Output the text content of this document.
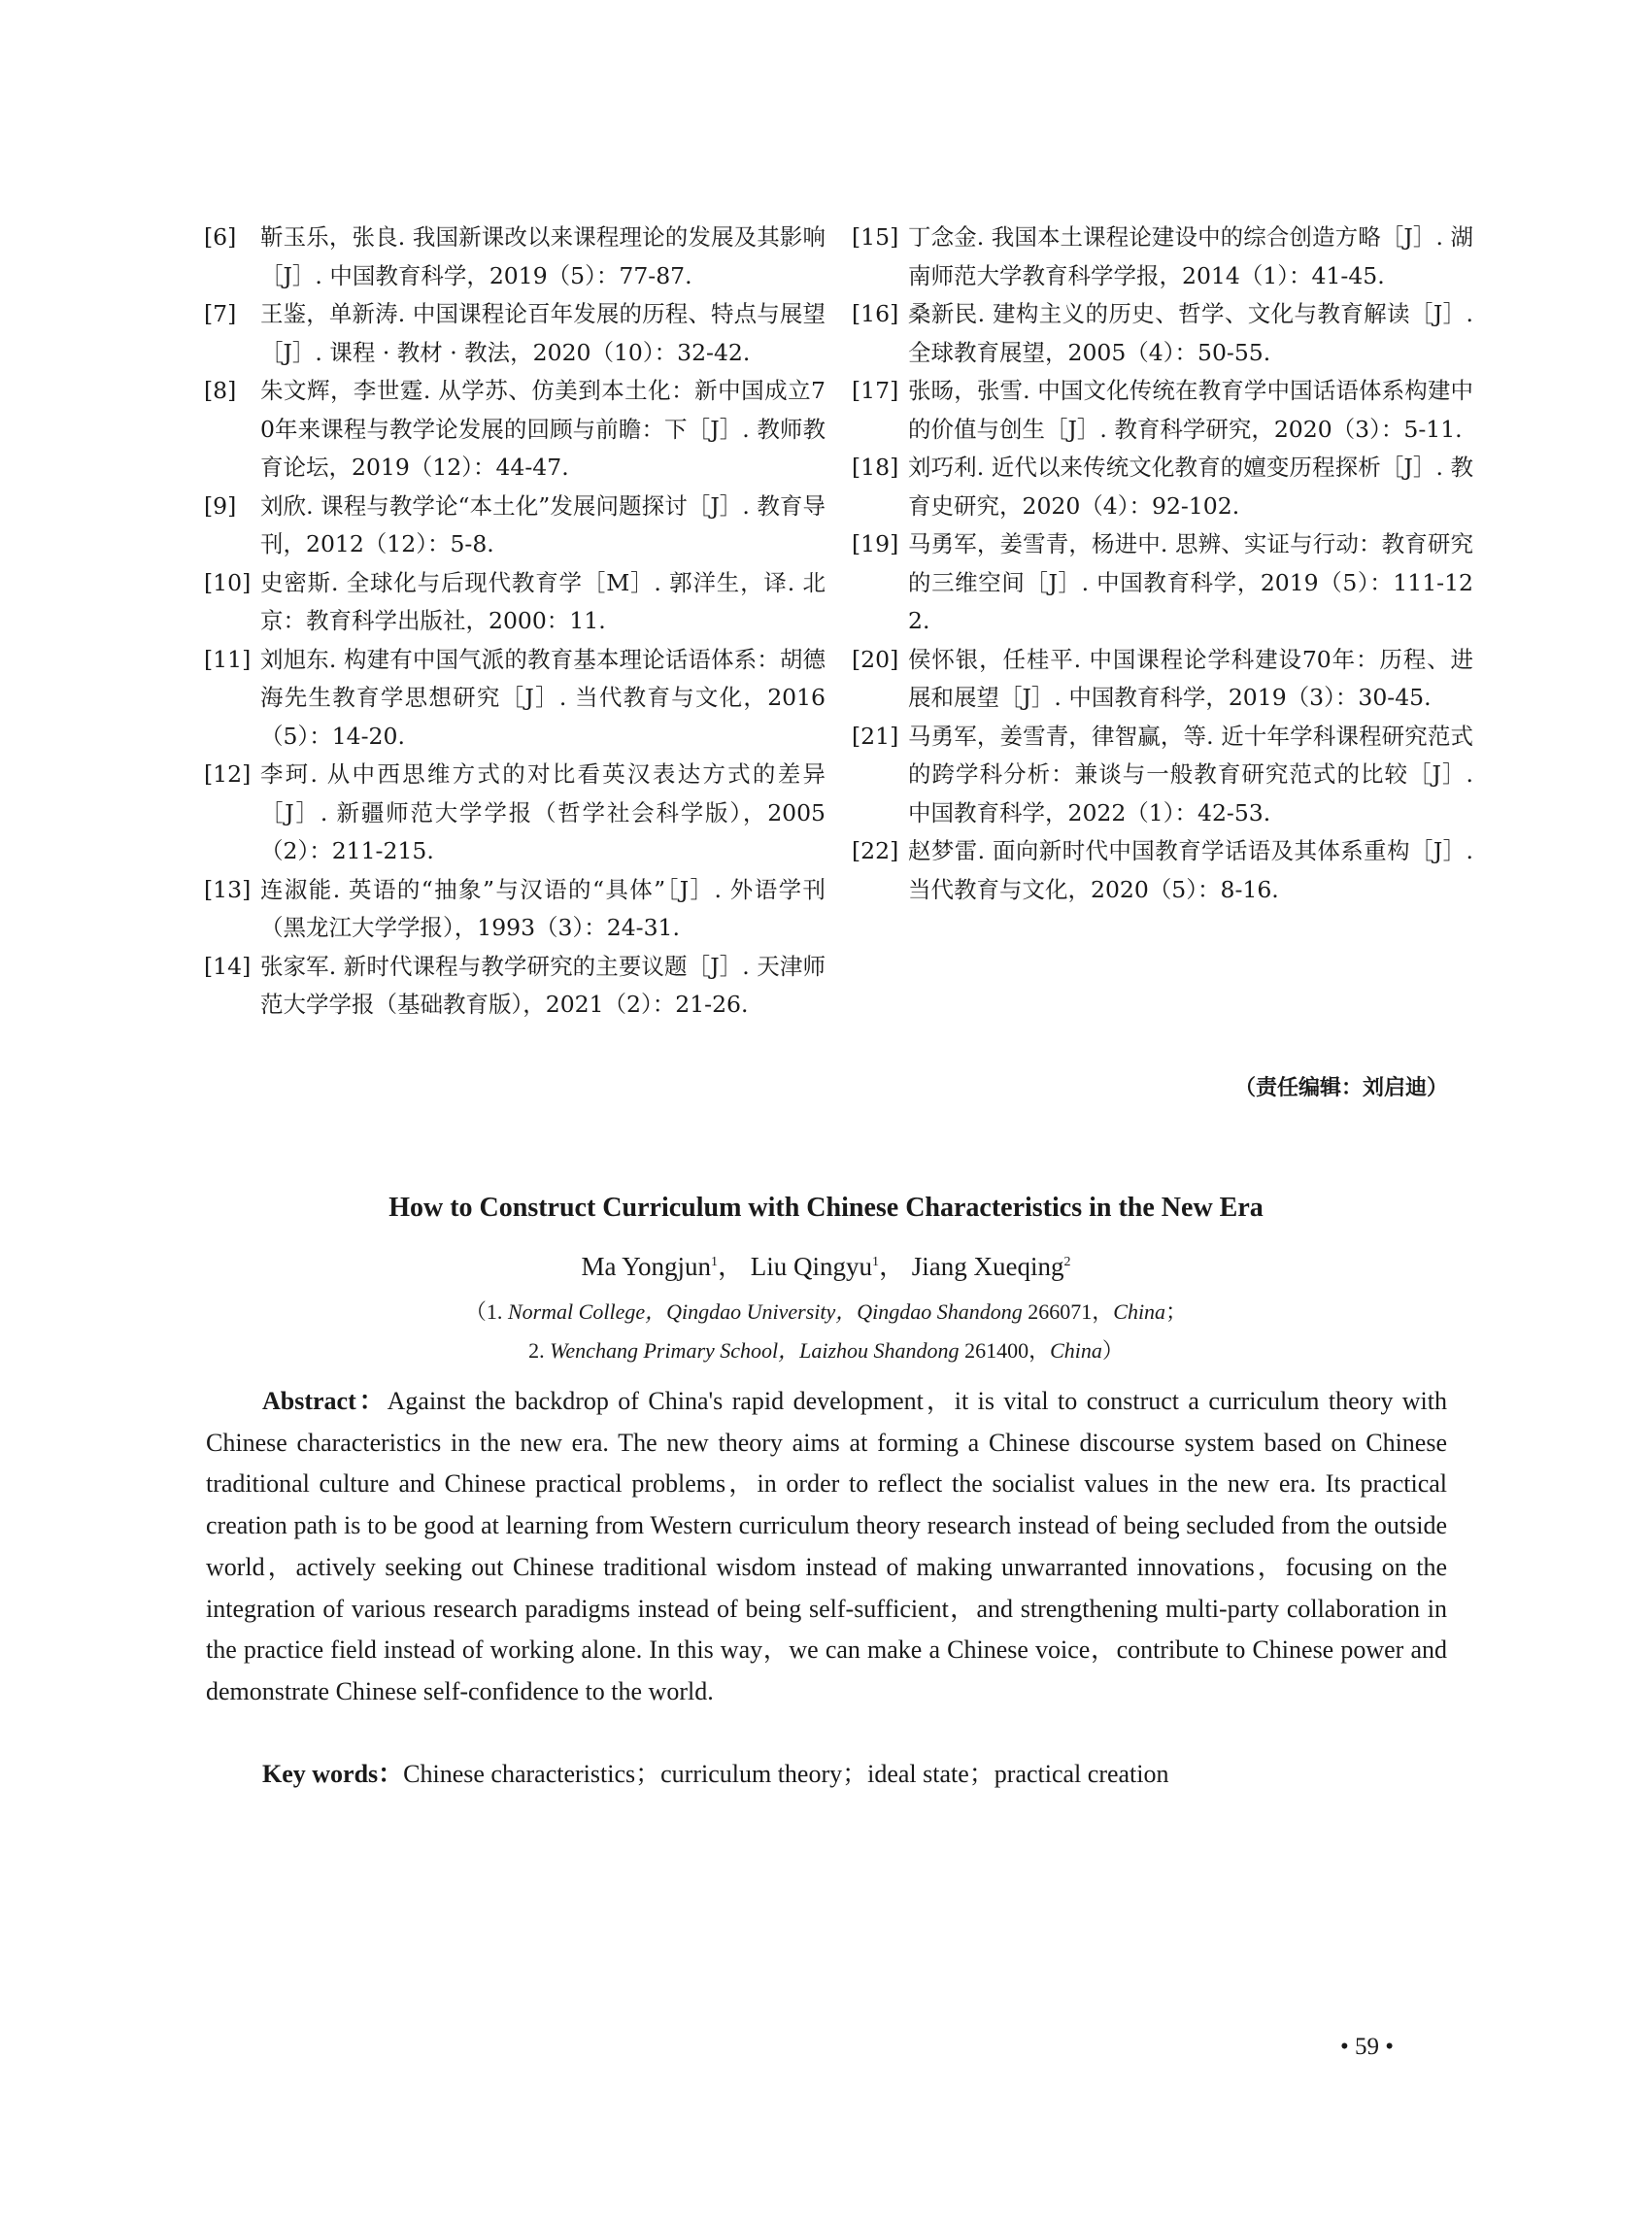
[6]	靳玉乐，张良. 我国新课改以来课程理论的发展及其影响［J］. 中国教育科学，2019（5）：77-87.
[7]	王鉴，单新涛. 中国课程论百年发展的历程、特点与展望［J］. 课程 · 教材 · 教法，2020（10）：32-42.
[8]	朱文辉，李世霆. 从学苏、仿美到本土化：新中国成立70年来课程与教学论发展的回顾与前瞻：下［J］. 教师教育论坛，2019（12）：44-47.
[9]	刘欣. 课程与教学论“本土化”发展问题探讨［J］. 教育导刊，2012（12）：5-8.
[10] 史密斯. 全球化与后现代教育学［M］. 郭洋生，译. 北京：教育科学出版社，2000：11.
[11] 刘旭东. 构建有中国气派的教育基本理论话语体系：胡德海先生教育学思想研究［J］. 当代教育与文化，2016（5）：14-20.
[12] 李珂. 从中西思维方式的对比看英汉表达方式的差异［J］. 新疆师范大学学报（哲学社会科学版），2005（2）：211-215.
[13] 连淑能. 英语的“抽象”与汉语的“具体”［J］. 外语学刊（黑龙江大学学报），1993（3）：24-31.
[14] 张家军. 新时代课程与教学研究的主要议题［J］. 天津师范大学学报（基础教育版），2021（2）：21-26.
[15] 丁念金. 我国本土课程论建设中的综合创造方略［J］. 湖南师范大学教育科学学报，2014（1）：41-45.
[16] 桑新民. 建构主义的历史、哲学、文化与教育解读［J］. 全球教育展望，2005（4）：50-55.
[17] 张旸，张雪. 中国文化传统在教育学中国话语体系构建中的价值与创生［J］. 教育科学研究，2020（3）：5-11.
[18] 刘巧利. 近代以来传统文化教育的嬗变历程探析［J］. 教育史研究，2020（4）：92-102.
[19] 马勇军，姜雪青，杨进中. 思辨、实证与行动：教育研究的三维空间［J］. 中国教育科学，2019（5）：111-122.
[20] 侯怀银，任桂平. 中国课程论学科建设70年：历程、进展和展望［J］. 中国教育科学，2019（3）：30-45.
[21] 马勇军，姜雪青，律智赢，等. 近十年学科课程研究范式的跨学科分析：兼谈与一般教育研究范式的比较［J］. 中国教育科学，2022（1）：42-53.
[22] 赵梦雷. 面向新时代中国教育学话语及其体系重构［J］. 当代教育与文化，2020（5）：8-16.
（责任编辑：刘启迪）
How to Construct Curriculum with Chinese Characteristics in the New Era
Ma Yongjun$^1$， Liu Qingyu$^1$， Jiang Xueqing$^2$
（1. Normal College，Qingdao University，Qingdao Shandong 266071，China；
2. Wenchang Primary School，Laizhou Shandong 261400，China）

Abstract：Against the backdrop of China's rapid development，it is vital to construct a curriculum theory with Chinese characteristics in the new era. The new theory aims at forming a Chinese discourse system based on Chinese traditional culture and Chinese practical problems，in order to reflect the socialist values in the new era. Its practical creation path is to be good at learning from Western curriculum theory research instead of being secluded from the outside world，actively seeking out Chinese traditional wisdom instead of making unwarranted innovations，focusing on the integration of various research paradigms instead of being self-sufficient，and strengthening multi-party collaboration in the practice field instead of working alone. In this way，we can make a Chinese voice，contribute to Chinese power and demonstrate Chinese self-confidence to the world.

Key words：Chinese characteristics；curriculum theory；ideal state；practical creation

• 59 •
